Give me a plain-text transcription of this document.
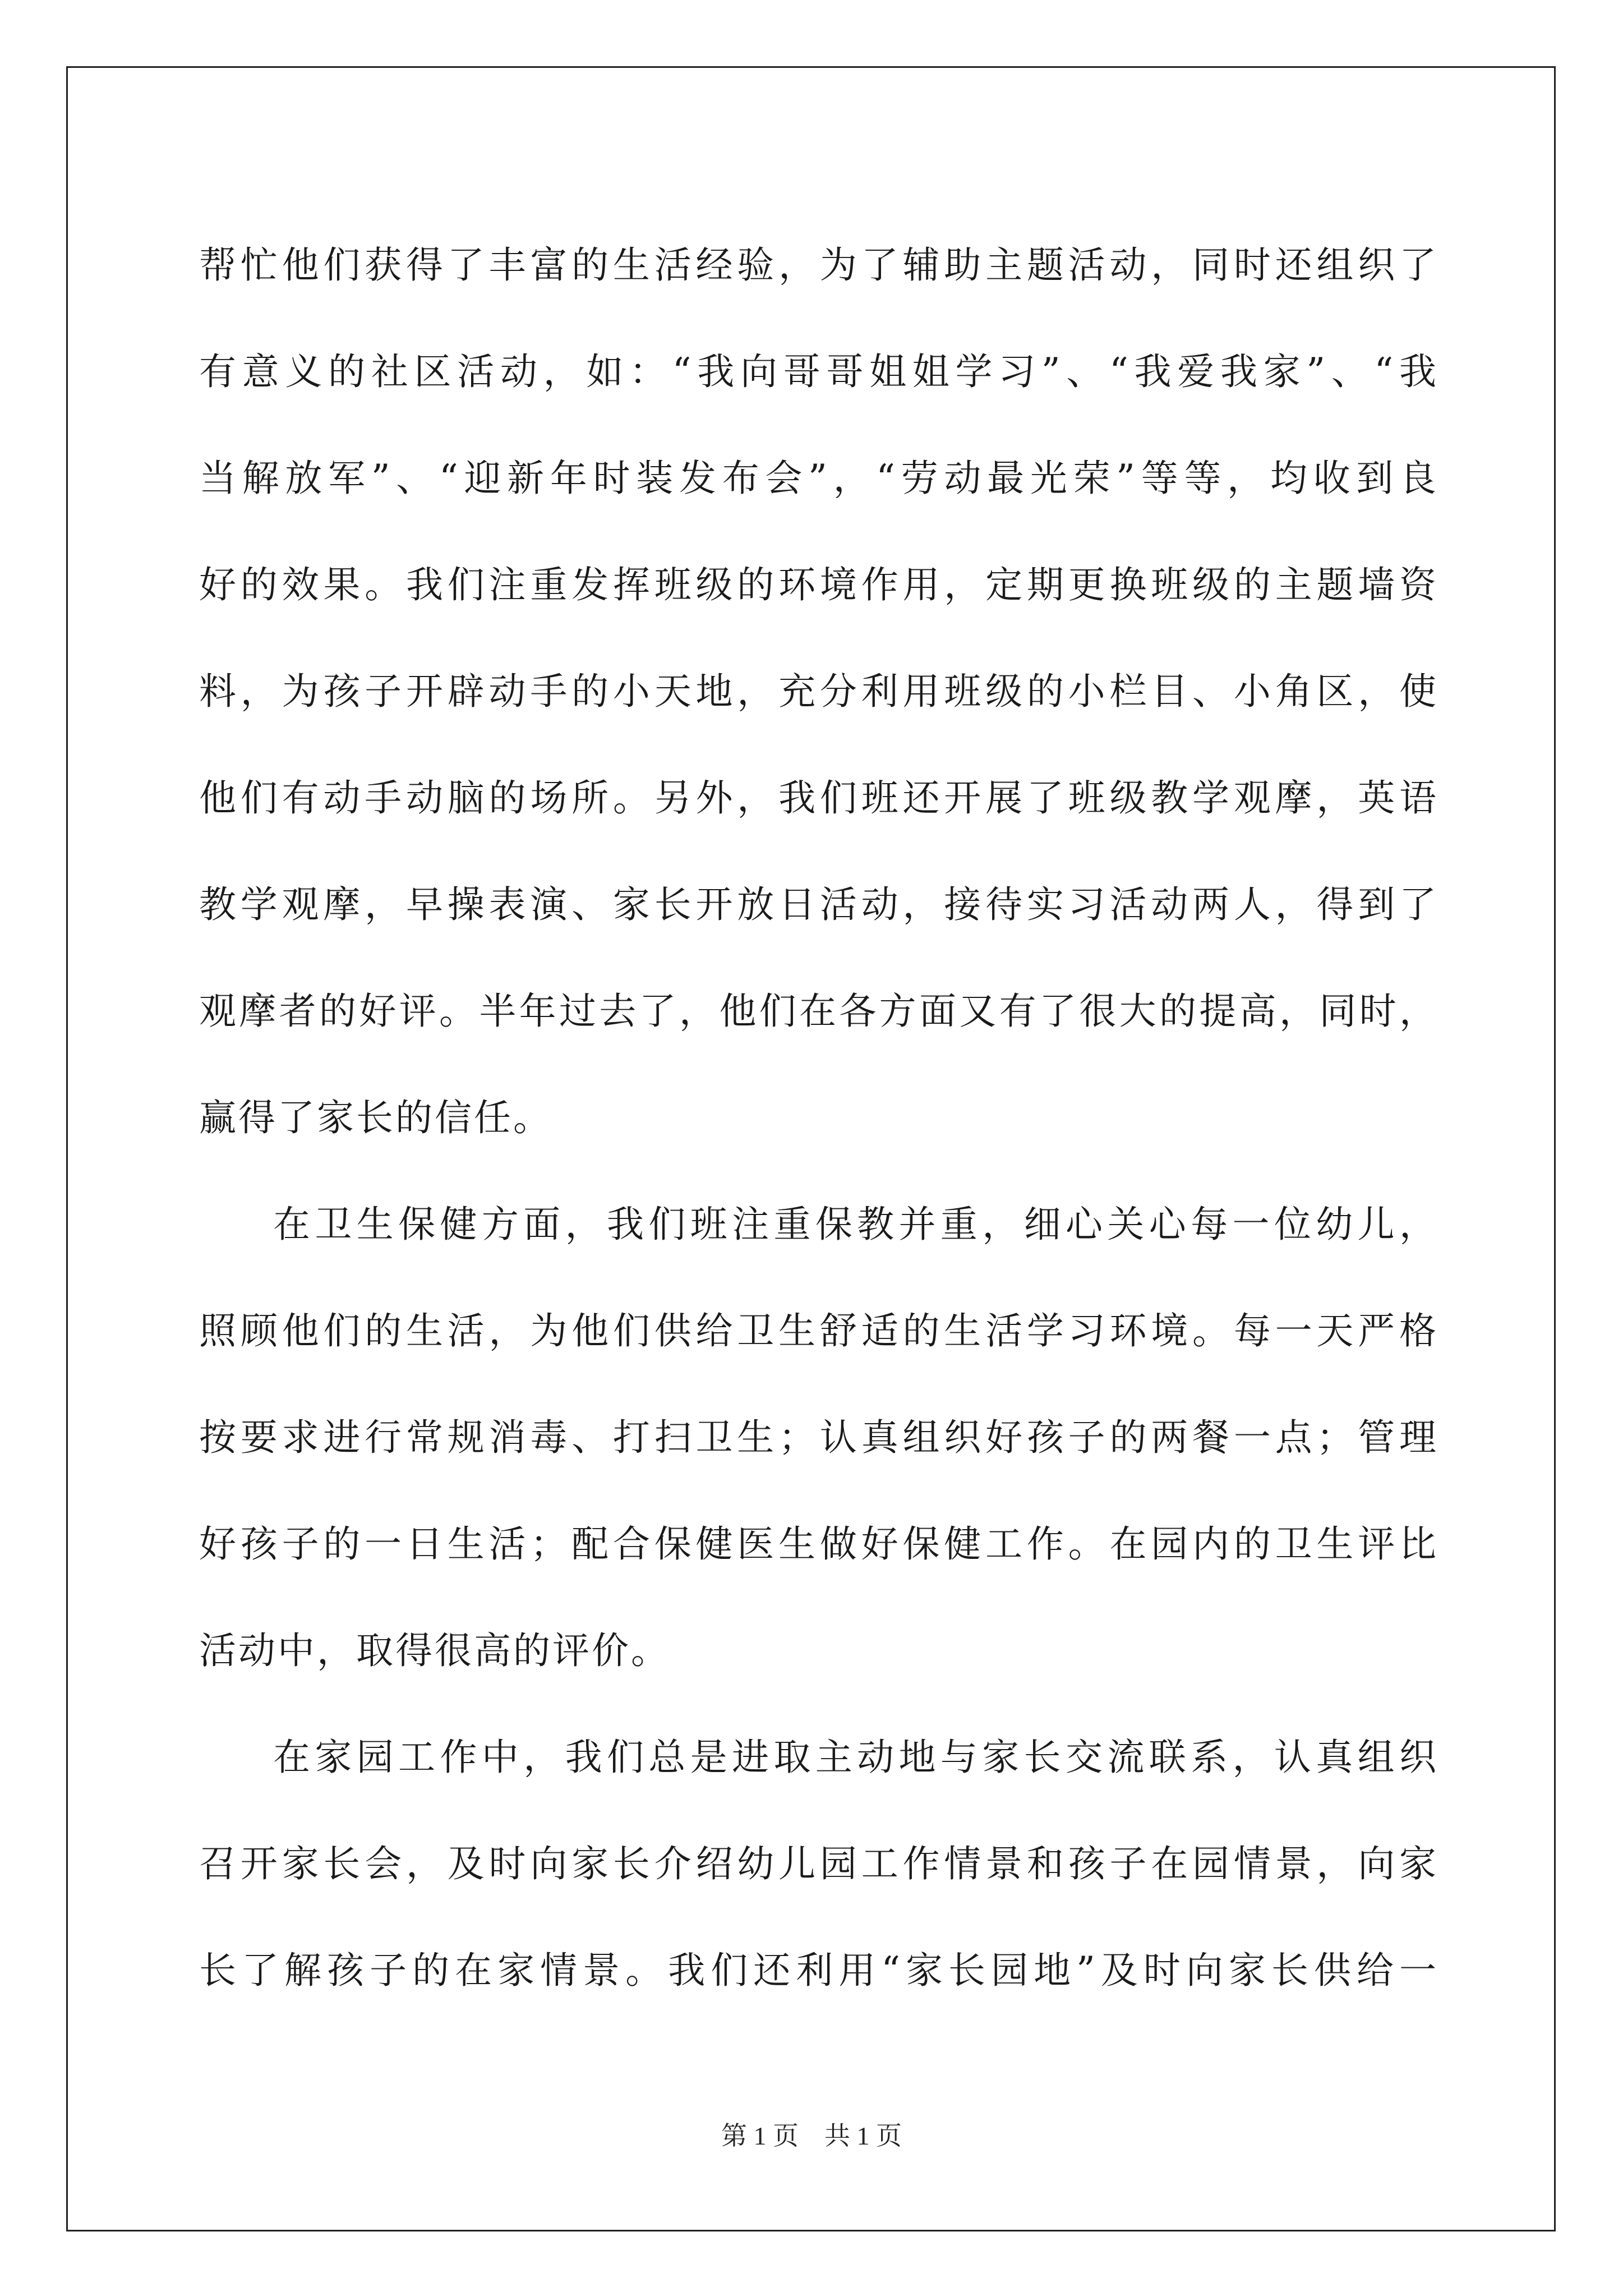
帮忙他们获得了丰富的生活经验，为了辅助主题活动，同时还组织了
有意义的社区活动，如：“我向哥哥姐姐学习”、“我爱我家”、“我
当解放军”、“迎新年时装发布会”，“劳动最光荣”等等，均收到良
好的效果。我们注重发挥班级的环境作用，定期更换班级的主题墙资
料，为孩子开辟动手的小天地，充分利用班级的小栏目、小角区，使
他们有动手动脑的场所。另外，我们班还开展了班级教学观摩，英语
教学观摩，早操表演、家长开放日活动，接待实习活动两人，得到了
观摩者的好评。半年过去了，他们在各方面又有了很大的提高，同时，
赢得了家长的信任。
在卫生保健方面，我们班注重保教并重，细心关心每一位幼儿，
照顾他们的生活，为他们供给卫生舒适的生活学习环境。每一天严格
按要求进行常规消毒、打扫卫生；认真组织好孩子的两餐一点；管理
好孩子的一日生活；配合保健医生做好保健工作。在园内的卫生评比
活动中，取得很高的评价。
在家园工作中，我们总是进取主动地与家长交流联系，认真组织
召开家长会，及时向家长介绍幼儿园工作情景和孩子在园情景，向家
长了解孩子的在家情景。我们还利用“家长园地”及时向家长供给一
第 1 页    共 1 页
